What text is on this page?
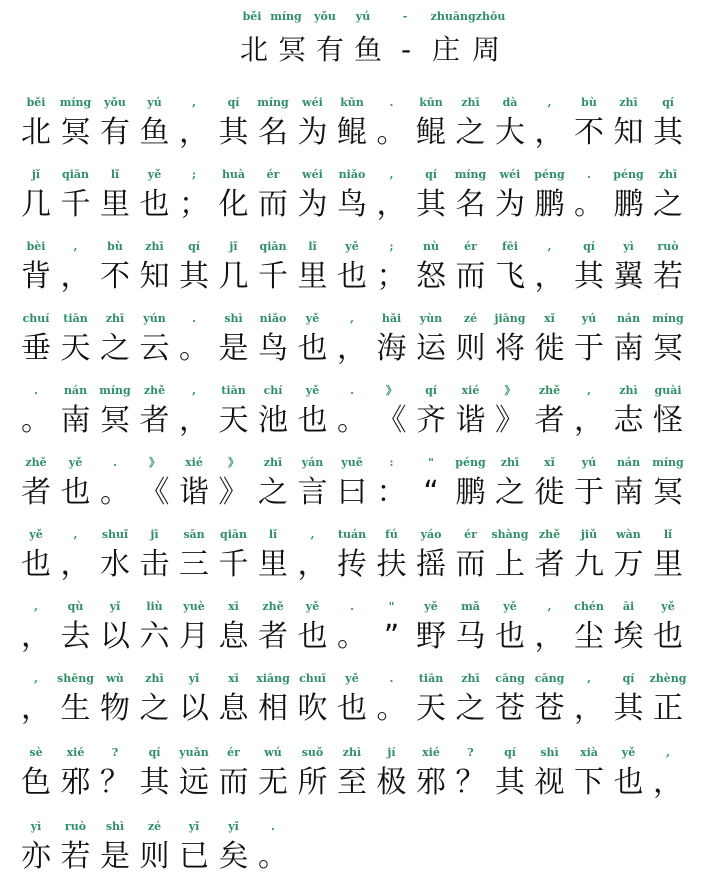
běi míng yǒu yú	- zhuāngzhōu
北 冥 有 鱼 - 庄 周
běi míng yǒu yú	,	qí míng wéi kūn . kūn zhī dà	,	bù zhī qí
北 冥 有 鱼 ， 其 名 为 鲲 。 鲲 之 大 ， 不 知 其
jǐ qiān lǐ	yě	; huà ér wéi niǎo ,	qí míng wéi péng . péng zhī
几 千 里 也 ； 化 而 为 鸟 ， 其 名 为 鹏 。 鹏 之
bèi	,	bù zhī qí	jǐ qiān lǐ	yě	;	nù ér fēi	,	qí	yì ruò
背 ， 不 知 其 几 千 里 也 ； 怒 而 飞 ， 其 翼 若
chuí tiān zhī yún .	shì niǎo yě	,	hǎi yùn zé jiāng xǐ yú nán míng
垂 天 之 云 。 是 鸟 也 ， 海 运 则 将 徙 于 南 冥
. nán míng zhě , tiān chí yě	.	》	qí xié 》 zhě ,	zhì guài
。 南 冥 者 ， 天 池 也 。 《 齐 谐 》 者 ， 志 怪
zhě yě	.	》 xié 》 zhī yán yuē :	" péng zhī xǐ yú nán míng
者 也 。 《 谐 》 之 言 曰 ： “ 鹏 之 徙 于 南 冥
yě	, shuǐ jī sān qiān lǐ	, tuán fú yáo ér shàng zhě jiǔ wàn lǐ
也 ， 水 击 三 千 里 ， 抟 扶 摇 而 上 者 九 万 里
,	qù yǐ liù yuè xī zhě yě	.	"	yě mǎ yě	, chén āi yě
， 去 以 六 月 息 者 也 。 ” 野 马 也 ， 尘 埃 也
, shēng wù zhī yǐ	xī xiāng chuī yě	. tiān zhī cāng cāng ,	qí zhèng
， 生 物 之 以 息 相 吹 也 。 天 之 苍 苍 ， 其 正
sè xié ?	qí yuǎn ér wú suǒ zhì jí xié ?	qí shì xià yě	,
色 邪 ？ 其 远 而 无 所 至 极 邪 ？ 其 视 下 也 ，
yì ruò shì zé	yǐ	yǐ	.
亦 若 是 则 已 矣 。
